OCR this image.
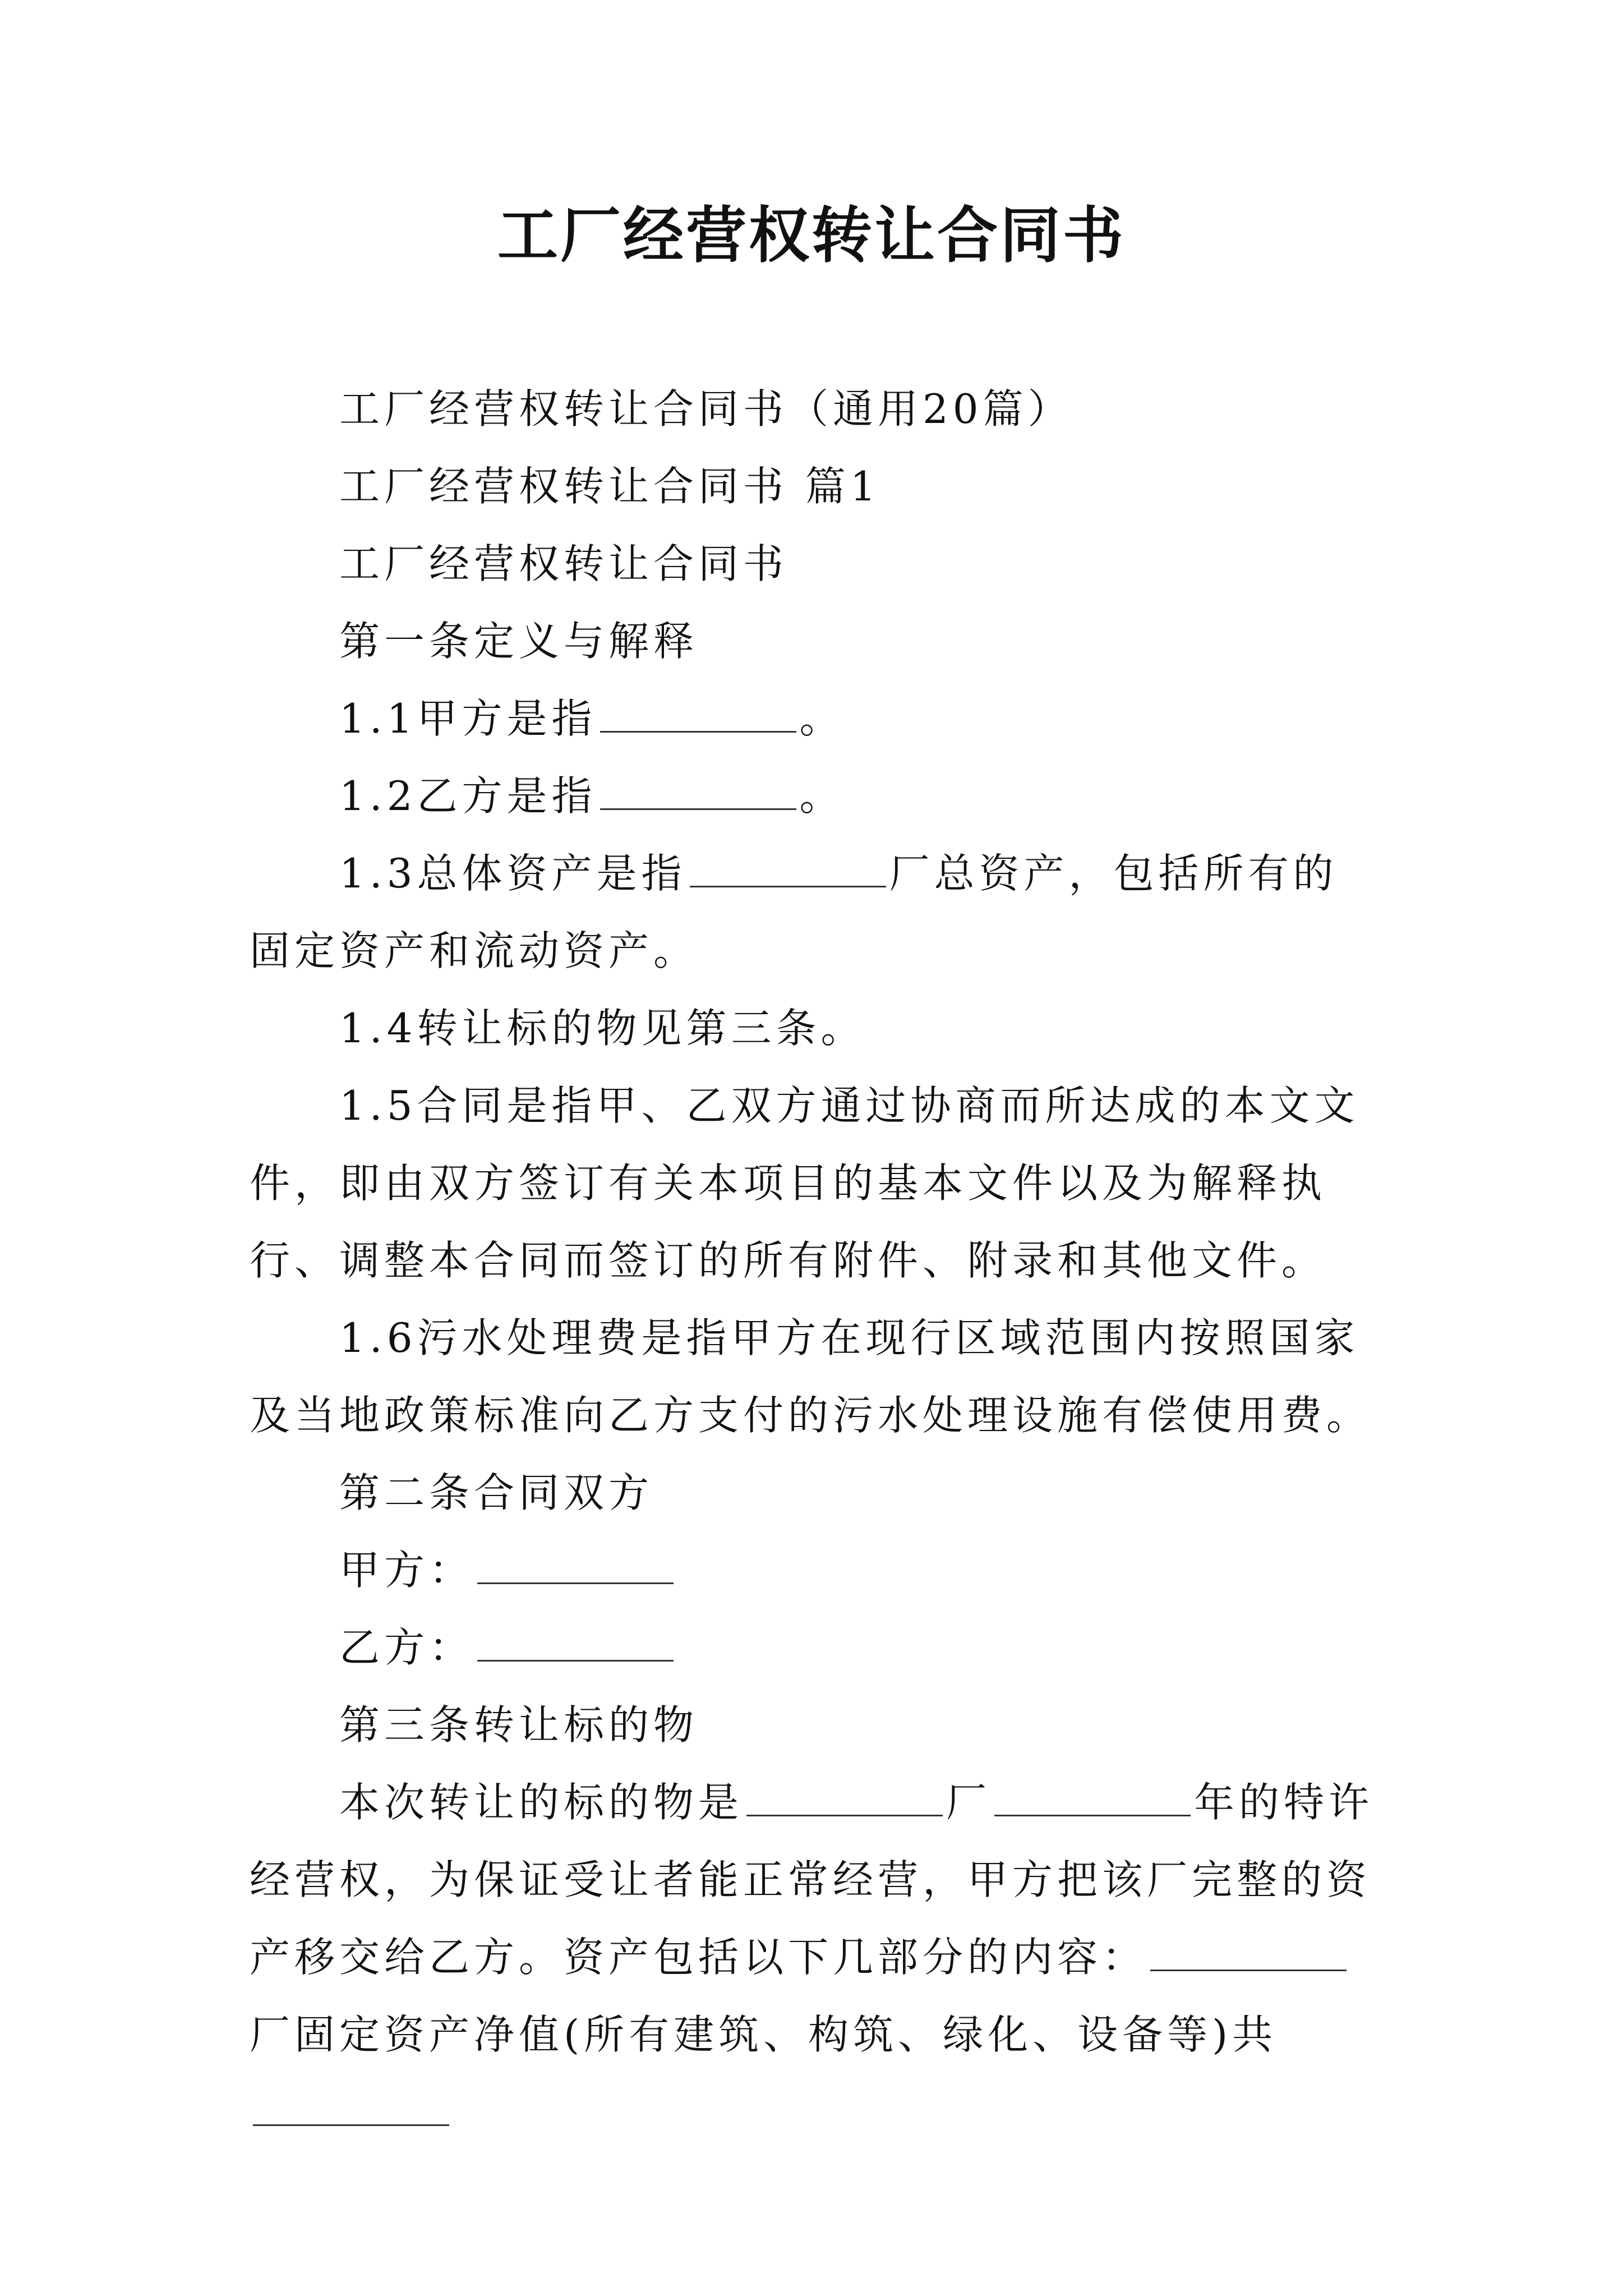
工厂经营权转让合同书

工厂经营权转让合同书（通用20篇）

工厂经营权转让合同书 篇1

工厂经营权转让合同书

第一条定义与解释

1.1甲方是指	。

1.2乙方是指	。

1.3总体资产是指	厂总资产，包括所有的固定资产和流动资产。

1.4转让标的物见第三条。

1.5合同是指甲、乙双方通过协商而所达成的本文文件，即由双方签订有关本项目的基本文件以及为解释执行、调整本合同而签订的所有附件、附录和其他文件。

1.6污水处理费是指甲方在现行区域范围内按照国家及当地政策标准向乙方支付的污水处理设施有偿使用费。

第二条合同双方

甲方：

乙方：

第三条转让标的物

本次转让的标的物是	厂	年的特许经营权，为保证受让者能正常经营，甲方把该厂完整的资产移交给乙方。资产包括以下几部分的内容：厂固定资产净值(所有建筑、构筑、绿化、设备等)共
